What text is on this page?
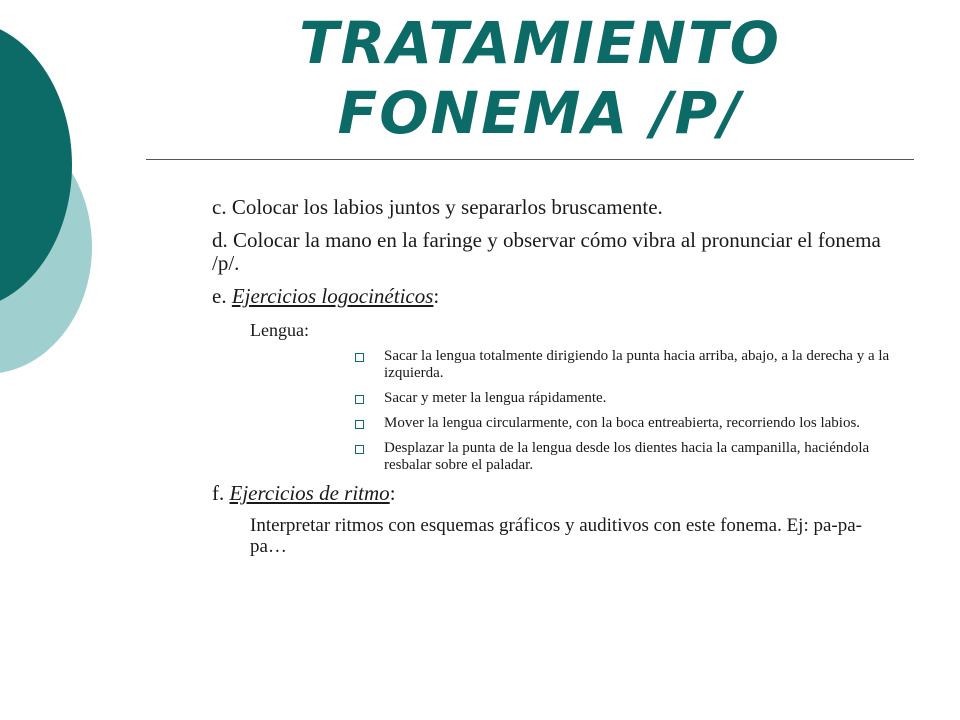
TRATAMIENTO
FONEMA /P/
c. Colocar los labios juntos y separarlos bruscamente.
d. Colocar la mano en la faringe y observar cómo vibra al pronunciar el fonema /p/.
e. Ejercicios logocinéticos:
Lengua:
Sacar la lengua totalmente dirigiendo la punta hacia arriba, abajo, a la derecha y a la izquierda.
Sacar y meter la lengua rápidamente.
Mover la lengua circularmente, con la boca entreabierta, recorriendo los labios.
Desplazar la punta de la lengua desde los dientes hacia la campanilla, haciéndola resbalar sobre el paladar.
f. Ejercicios de ritmo:
Interpretar ritmos con esquemas gráficos y auditivos con este fonema. Ej: pa-pa-pa…
